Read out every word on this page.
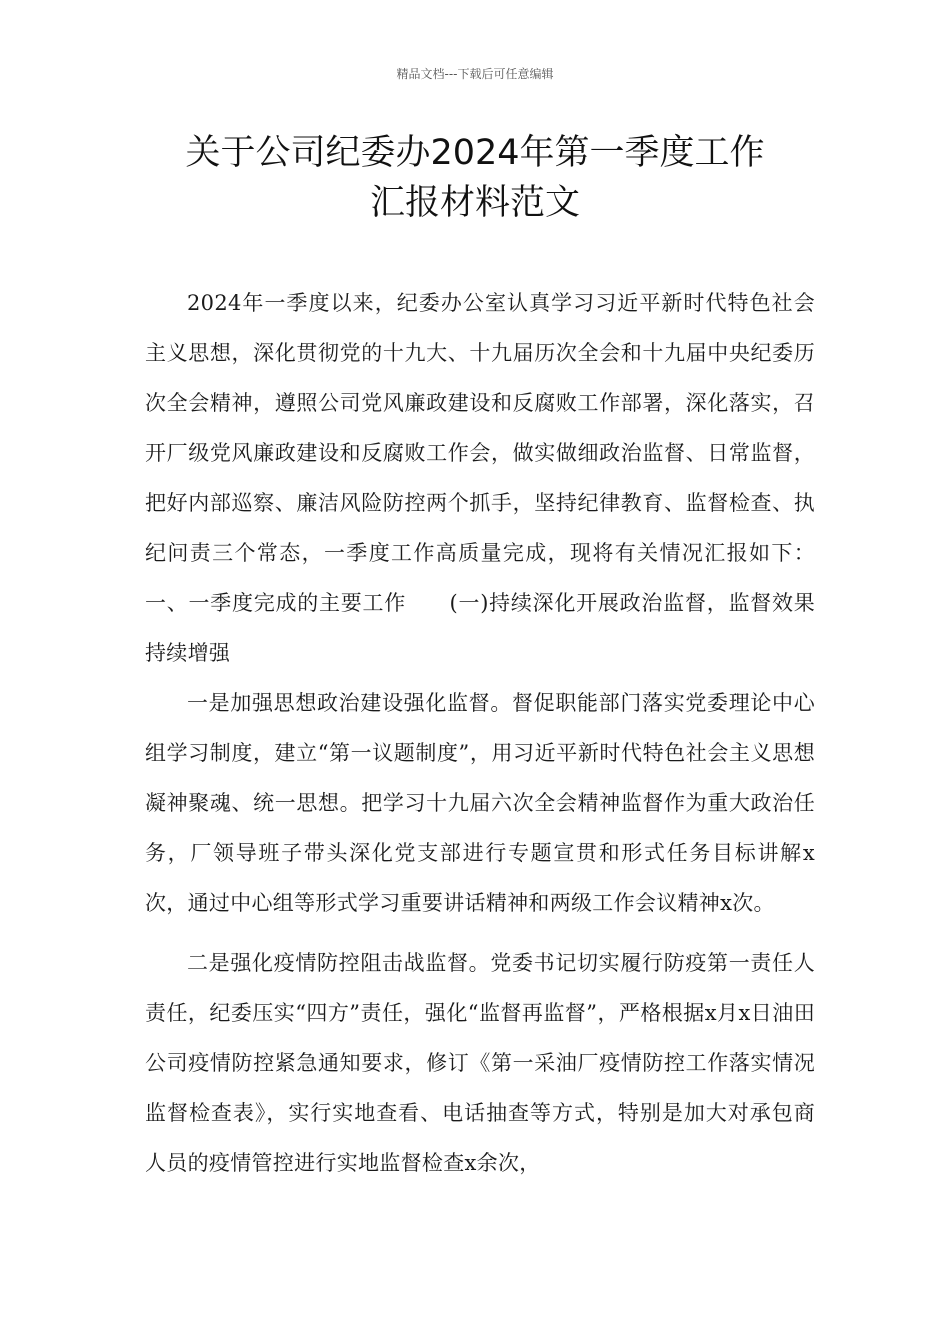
精品文档---下载后可任意编辑
关于公司纪委办2024年第一季度工作
汇报材料范文

2024年一季度以来，纪委办公室认真学习习近平新时代特色社会主义思想，深化贯彻党的十九大、十九届历次全会和十九届中央纪委历次全会精神，遵照公司党风廉政建设和反腐败工作部署，深化落实，召开厂级党风廉政建设和反腐败工作会，做实做细政治监督、日常监督，把好内部巡察、廉洁风险防控两个抓手，坚持纪律教育、监督检查、执纪问责三个常态，一季度工作高质量完成，现将有关情况汇报如下：一、一季度完成的主要工作　　(一)持续深化开展政治监督，监督效果持续增强

一是加强思想政治建设强化监督。督促职能部门落实党委理论中心组学习制度，建立“第一议题制度”，用习近平新时代特色社会主义思想凝神聚魂、统一思想。把学习十九届六次全会精神监督作为重大政治任务，厂领导班子带头深化党支部进行专题宣贯和形式任务目标讲解x次，通过中心组等形式学习重要讲话精神和两级工作会议精神x次。

二是强化疫情防控阻击战监督。党委书记切实履行防疫第一责任人责任，纪委压实“四方”责任，强化“监督再监督”，严格根据x月x日油田公司疫情防控紧急通知要求，修订《第一采油厂疫情防控工作落实情况监督检查表》，实行实地查看、电话抽查等方式，特别是加大对承包商人员的疫情管控进行实地监督检查x余次，
